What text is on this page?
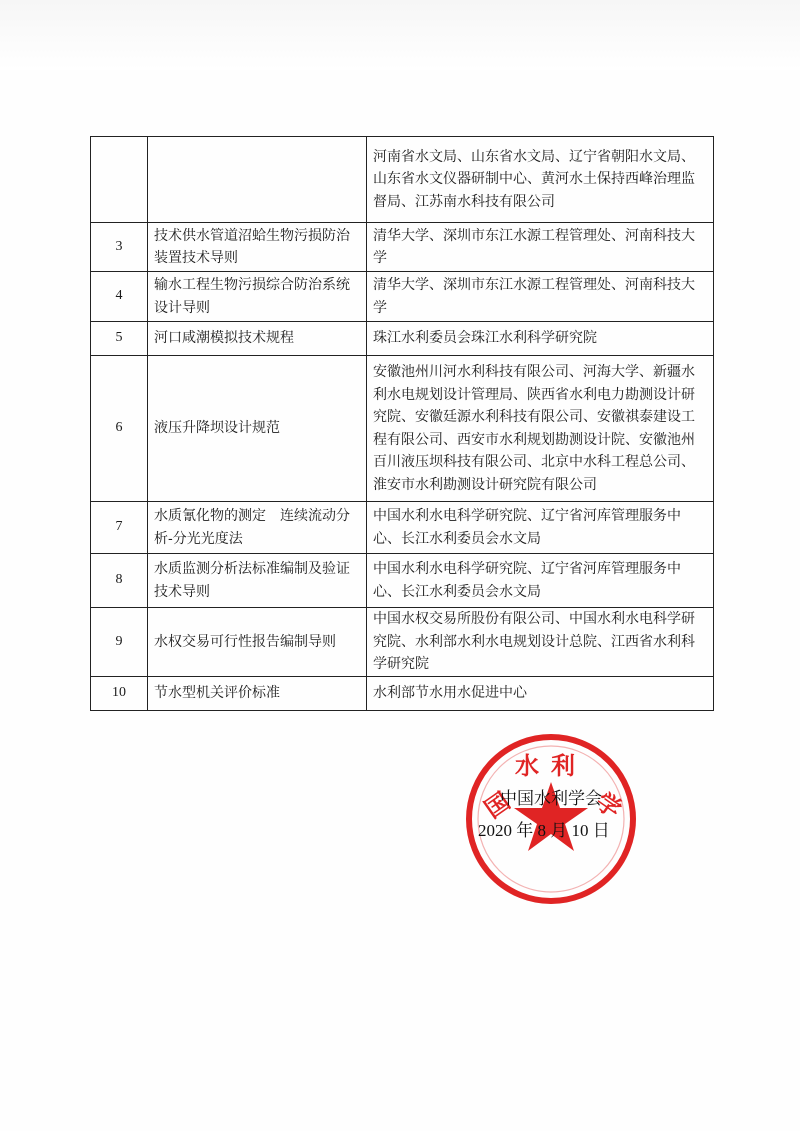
		河南省水文局、山东省水文局、辽宁省朝阳水文局、山东省水文仪器研制中心、黄河水土保持西峰治理监督局、江苏南水科技有限公司
3	技术供水管道沼蛤生物污损防治装置技术导则	清华大学、深圳市东江水源工程管理处、河南科技大学
4	输水工程生物污损综合防治系统设计导则	清华大学、深圳市东江水源工程管理处、河南科技大学
5	河口咸潮模拟技术规程	珠江水利委员会珠江水利科学研究院
6	液压升降坝设计规范	安徽池州川河水利科技有限公司、河海大学、新疆水利水电规划设计管理局、陕西省水利电力勘测设计研究院、安徽廷源水利科技有限公司、安徽祺泰建设工程有限公司、西安市水利规划勘测设计院、安徽池州百川液压坝科技有限公司、北京中水科工程总公司、淮安市水利勘测设计研究院有限公司
7	水质氰化物的测定　连续流动分析-分光光度法	中国水利水电科学研究院、辽宁省河库管理服务中心、长江水利委员会水文局
8	水质监测分析法标准编制及验证技术导则	中国水利水电科学研究院、辽宁省河库管理服务中心、长江水利委员会水文局
9	水权交易可行性报告编制导则	中国水权交易所股份有限公司、中国水利水电科学研究院、水利部水利水电规划设计总院、江西省水利科学研究院
10	节水型机关评价标准	水利部节水用水促进中心
水利
国	学
中国水利学会
2020 年 8 月 10 日
